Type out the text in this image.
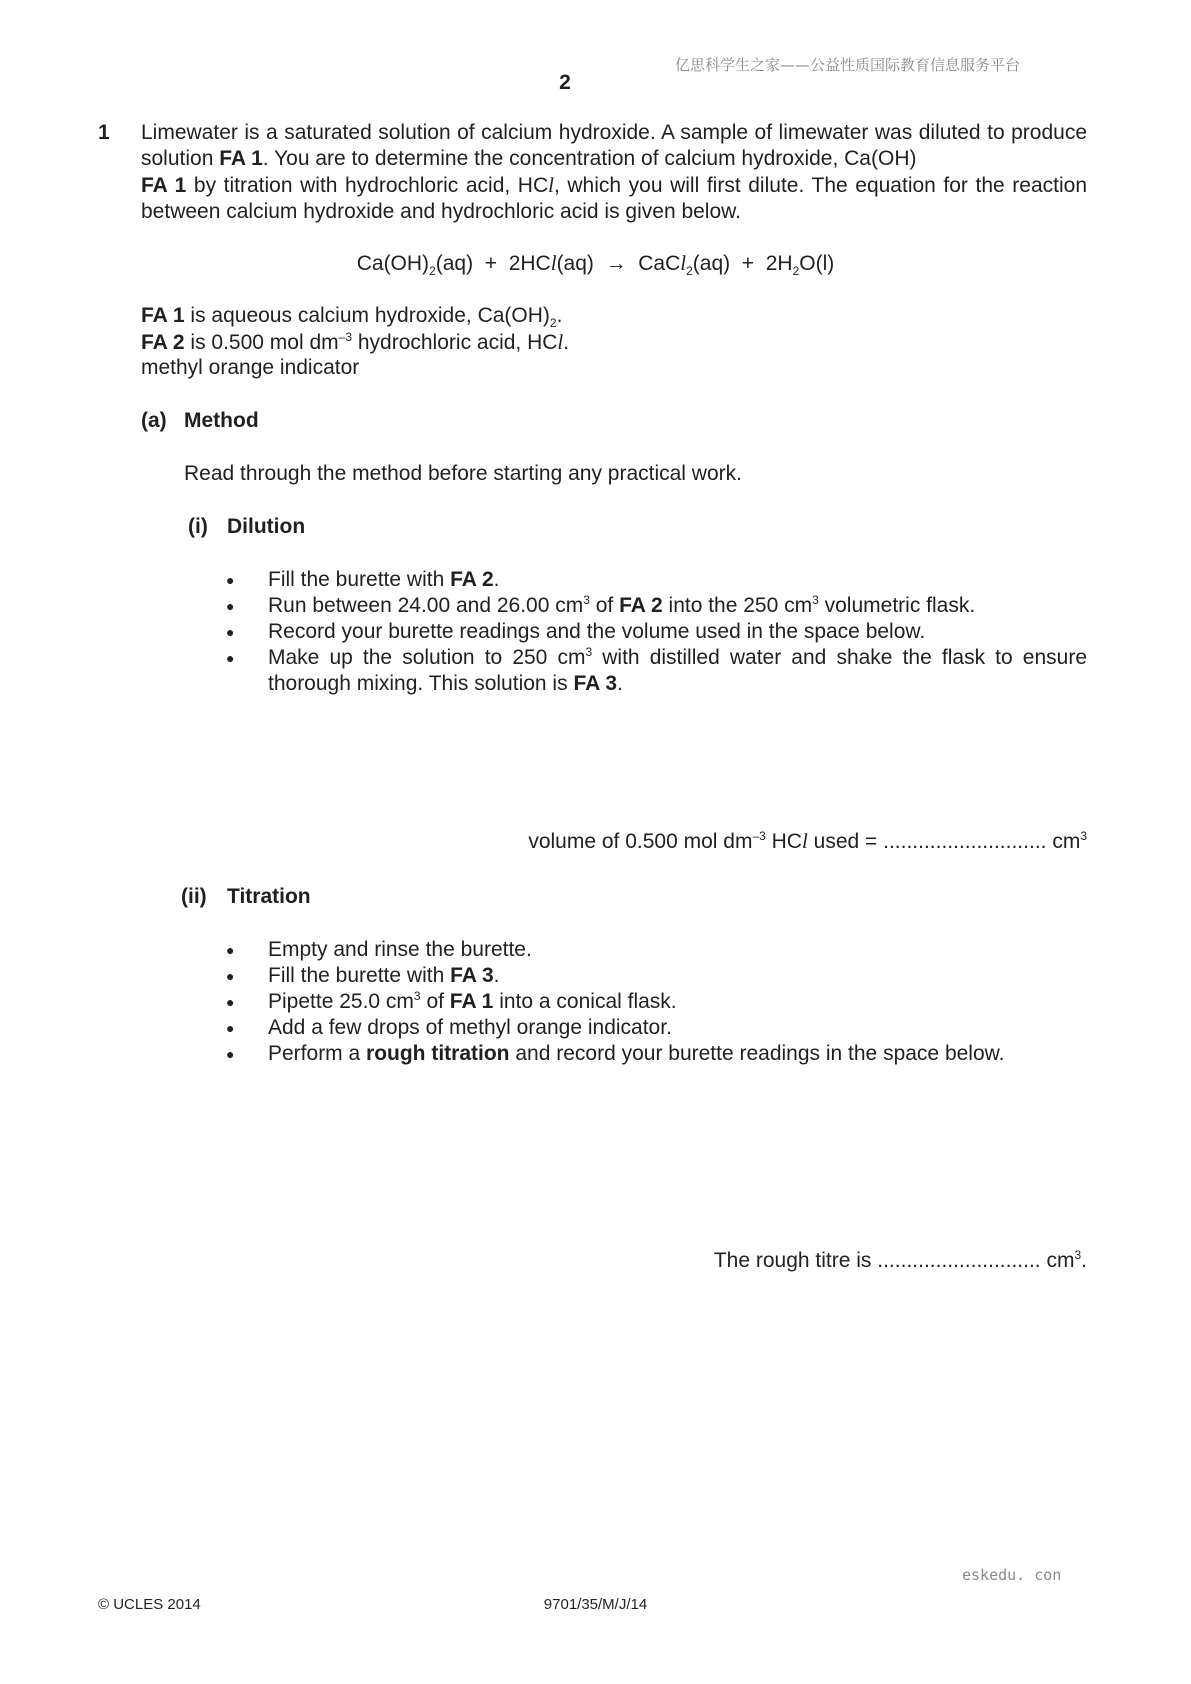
亿思科学生之家——公益性质国际教育信息服务平台
2
1 Limewater is a saturated solution of calcium hydroxide. A sample of limewater was diluted to produce solution FA 1. You are to determine the concentration of calcium hydroxide, Ca(OH)
FA 1 by titration with hydrochloric acid, HCl, which you will first dilute. The equation for the reaction between calcium hydroxide and hydrochloric acid is given below.
$Ca(OH)_2(aq) + 2HCl(aq)$  →  CaCl$_2$(aq)  +  $2H_2O(l)$
FA 1 is aqueous calcium hydroxide, $Ca(OH)_2$.
FA 2 is 0.500 mol $dm^{-3}$ hydrochloric acid, HCl.
methyl orange indicator
(a) Method
Read through the method before starting any practical work.
(i) Dilution
● Fill the burette with FA 2.
● Run between 24.00 and 26.00 $cm^3$ of FA 2 into the 250 $cm^3$ volumetric flask.
● Record your burette readings and the volume used in the space below.
● Make up the solution to 250 $cm^3$ with distilled water and shake the flask to ensure thorough mixing. This solution is FA 3.
volume of 0.500 mol $dm^{-3}$ HCl used = ............................ $cm^3$
(ii) Titration
● Empty and rinse the burette.
● Fill the burette with FA 3.
● Pipette 25.0 $cm^3$ of FA 1 into a conical flask.
● Add a few drops of methyl orange indicator.
● Perform a rough titration and record your burette readings in the space below.
The rough titre is ............................ $cm^3$.
eskedu. con
© UCLES 2014	9701/35/M/J/14
